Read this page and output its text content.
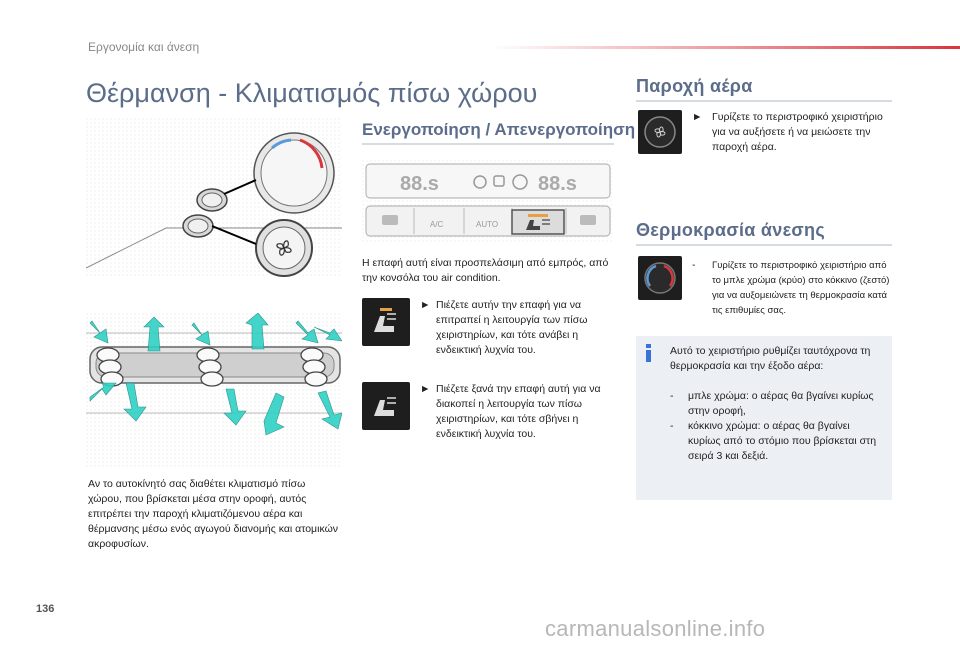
Εργονομία και άνεση
Θέρμανση - Κλιματισμός πίσω χώρου
Αν το αυτοκίνητό σας διαθέτει κλιματισμό πίσω χώρου, που βρίσκεται μέσα στην οροφή, αυτός επιτρέπει την παροχή κλιματιζόμενου αέρα και θέρμανσης μέσω ενός αγωγού διανομής και ατομικών ακροφυσίων.
Ενεργοποίηση / Απενεργοποίηση
A/C	AUTO
88.s	88.s
Η επαφή αυτή είναι προσπελάσιμη από εμπρός, από την κονσόλα του air condition.
► Πιέζετε αυτήν την επαφή για να επιτραπεί η λειτουργία των πίσω χειριστηρίων, και τότε ανάβει η ενδεικτική λυχνία του.
► Πιέζετε ξανά την επαφή αυτή για να διακοπεί η λειτουργία των πίσω χειριστηρίων, και τότε σβήνει η ενδεικτική λυχνία του.
Παροχή αέρα
► Γυρίζετε το περιστροφικό χειριστήριο για να αυξήσετε ή να μειώσετε την παροχή αέρα.
Θερμοκρασία άνεσης
- Γυρίζετε το περιστροφικό χειριστήριο από το μπλε χρώμα (κρύο) στο κόκκινο (ζεστό) για να αυξομειώνετε τη θερμοκρασία κατά τις επιθυμίες σας.
Αυτό το χειριστήριο ρυθμίζει ταυτόχρονα τη θερμοκρασία και την έξοδο αέρα:
- μπλε χρώμα: ο αέρας θα βγαίνει κυρίως στην οροφή,
- κόκκινο χρώμα: ο αέρας θα βγαίνει κυρίως από το στόμιο που βρίσκεται στη σειρά 3 και δεξιά.
136
carmanualsonline.info
